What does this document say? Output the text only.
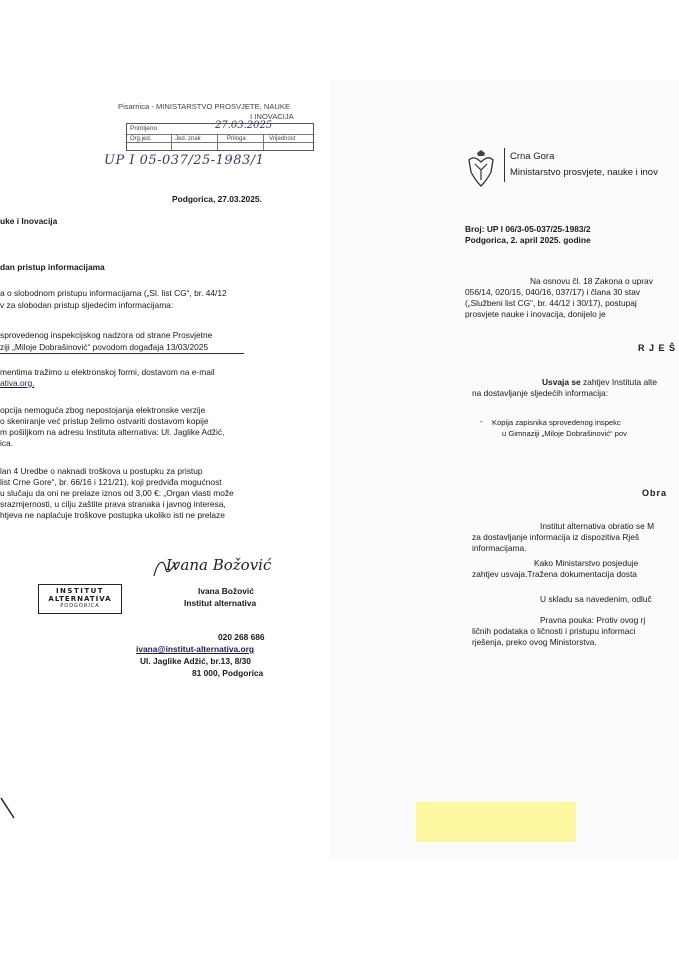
Pisarnica - MINISTARSTVO PROSVJETE, NAUKE
I INOVACIJA
Primljeno	27.03.2025
Org.jed.	Jed. znak	Priloga	Vrijednost
UP I 05-037/25-1983/1
Podgorica, 27.03.2025.
uke i Inovacija
dan pristup informacijama
a o slobodnom pristupu informacijama („Sl. list CG“, br. 44/12
v za slobodan pristup sljedećim informacijama:
sprovedenog inspekcijskog nadzora od strane Prosvjetne
ziji „Miloje Dobrašinović“ povodom događaja 13/03/2025
mentima tražimo u elektronskoj formi, dostavom na e-mail
ativa.org.
opcija nemoguća zbog nepostojanja elektronske verzije
o skeniranje već pristup želimo ostvariti dostavom kopije
m pošiljkom na adresu Instituta alternativa: Ul. Jaglike Adžić,
ica.
lan 4 Uredbe o naknadi troškova u postupku za pristup
list Crne Gore“, br. 66/16 i 121/21), koji predviđa mogućnost
u slučaju da oni ne prelaze iznos od 3,00 €: „Organ vlasti može
srazmjernosti, u cilju zaštite prava stranaka i javnog interesa,
htjeva ne naplaćuje troškove postupka ukoliko isti ne prelaze
Ivana Božović
INSTITUT
ALTERNATIVA
PODGORICA
Ivana Božović
Institut alternativa
020 268 686
ivana@institut-alternativa.org
Ul. Jaglike Adžić, br.13, 8/30
81 000, Podgorica
Crna Gora
Ministarstvo prosvjete, nauke i inov
Broj: UP I 06/3-05-037/25-1983/2
Podgorica, 2. april 2025. godine
Na osnovu čl. 18 Zakona o uprav
056/14, 020/15, 040/16, 037/17) i člana 30 stav
(„Službeni list CG“, br. 44/12 i 30/17), postupaj
prosvjete nauke i inovacija, donijelo je
R J E Š
Usvaja se zahtjev Instituta alte
na dostavljanje sljedećih informacija:
- Kopija zapisnika sprovedenog inspekc
u Gimnaziji „Miloje Dobrašinović“ pov
Obra
Institut alternativa obratio se M
za dostavljanje informacija iz dispozitiva Rješ
informacijama.
Kako Ministarstvo posjeduje
zahtjev usvaja.Tražena dokumentacija dosta
U skladu sa navedenim, odluč
Pravna pouka: Protiv ovog rj
ličnih podataka o ličnosti i pristupu informaci
rješenja, preko ovog Ministorstva.
